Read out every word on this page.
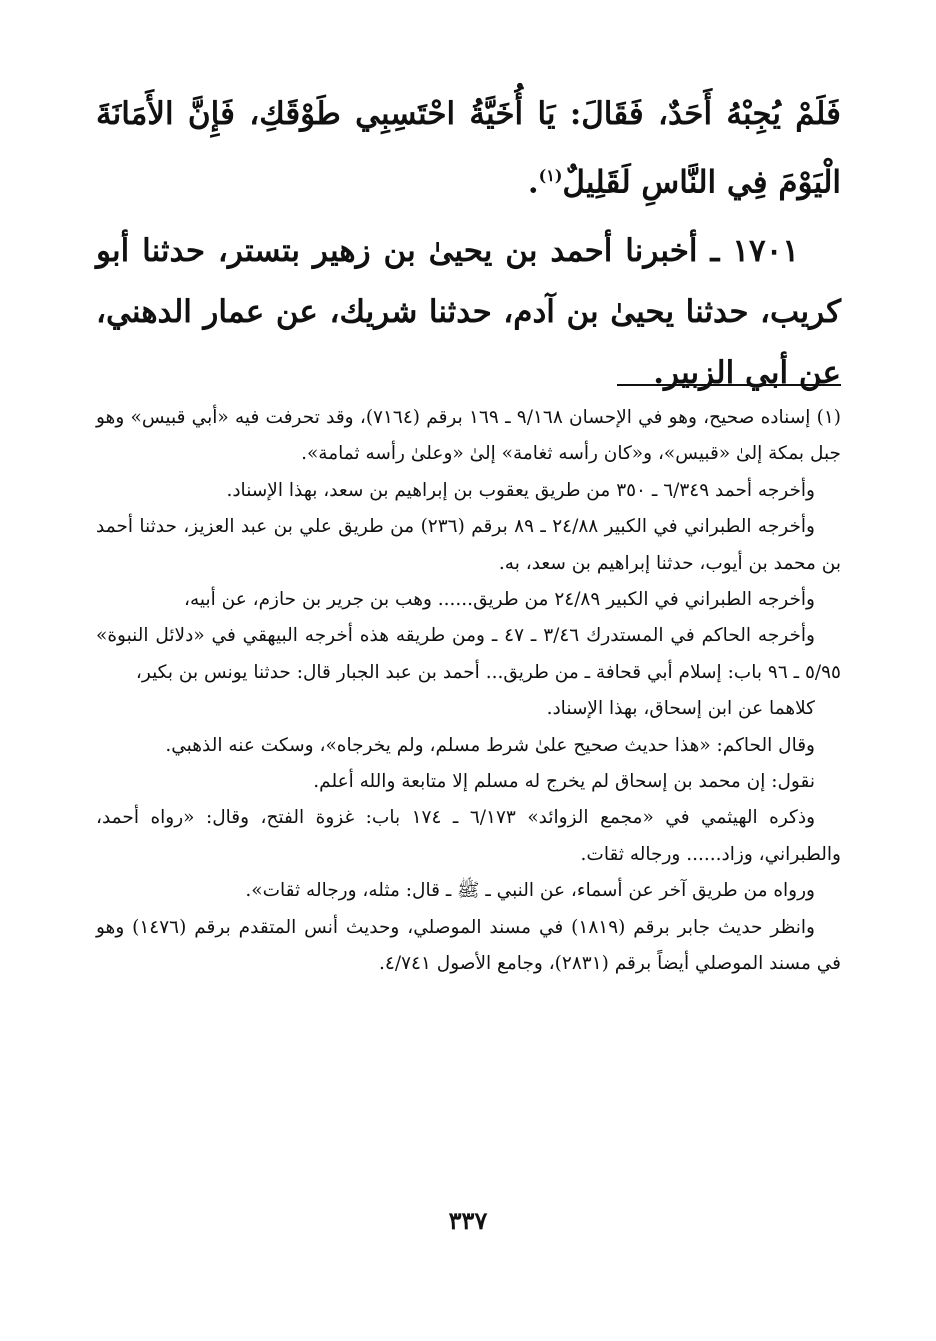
فَلَمْ يُجِبْهُ أَحَدٌ، فَقَالَ: يَا أُخَيَّةُ احْتَسِبِي طَوْقَكِ، فَإِنَّ الأَمَانَةَ الْيَوْمَ فِي النَّاسِ لَقَلِيلٌ$^{(١)}$.

١٧٠١ ـ أخبرنا أحمد بن يحيىٰ بن زهير بتستر، حدثنا أبو كريب، حدثنا يحيىٰ بن آدم، حدثنا شريك، عن عمار الدهني، عن أبي الزبير.

(١) إسناده صحيح، وهو في الإحسان ٩/١٦٨ ـ ١٦٩ برقم (٧١٦٤)، وقد تحرفت فيه «أبي قبيس» وهو جبل بمكة إلىٰ «قبيس»، و«كان رأسه ثغامة» إلىٰ «وعلىٰ رأسه ثمامة».

وأخرجه أحمد ٦/٣٤٩ ـ ٣٥٠ من طريق يعقوب بن إبراهيم بن سعد، بهذا الإسناد.

وأخرجه الطبراني في الكبير ٢٤/٨٨ ـ ٨٩ برقم (٢٣٦) من طريق علي بن عبد العزيز، حدثنا أحمد بن محمد بن أيوب، حدثنا إبراهيم بن سعد، به.

وأخرجه الطبراني في الكبير ٢٤/٨٩ من طريق...... وهب بن جرير بن حازم، عن أبيه،

وأخرجه الحاكم في المستدرك ٣/٤٦ ـ ٤٧ ـ ومن طريقه هذه أخرجه البيهقي في «دلائل النبوة» ٥/٩٥ ـ ٩٦ باب: إسلام أبي قحافة ـ من طريق... أحمد بن عبد الجبار قال: حدثنا يونس بن بكير،

كلاهما عن ابن إسحاق، بهذا الإسناد.

وقال الحاكم: «هذا حديث صحيح علىٰ شرط مسلم، ولم يخرجاه»، وسكت عنه الذهبي.

نقول: إن محمد بن إسحاق لم يخرج له مسلم إلا متابعة والله أعلم.

وذكره الهيثمي في «مجمع الزوائد» ٦/١٧٣ ـ ١٧٤ باب: غزوة الفتح، وقال: «رواه أحمد، والطبراني، وزاد...... ورجاله ثقات.

ورواه من طريق آخر عن أسماء، عن النبي ـ ﷺ ـ قال: مثله، ورجاله ثقات».

وانظر حديث جابر برقم (١٨١٩) في مسند الموصلي، وحديث أنس المتقدم برقم (١٤٧٦) وهو في مسند الموصلي أيضاً برقم (٢٨٣١)، وجامع الأصول ٤/٧٤١.

٣٣٧
